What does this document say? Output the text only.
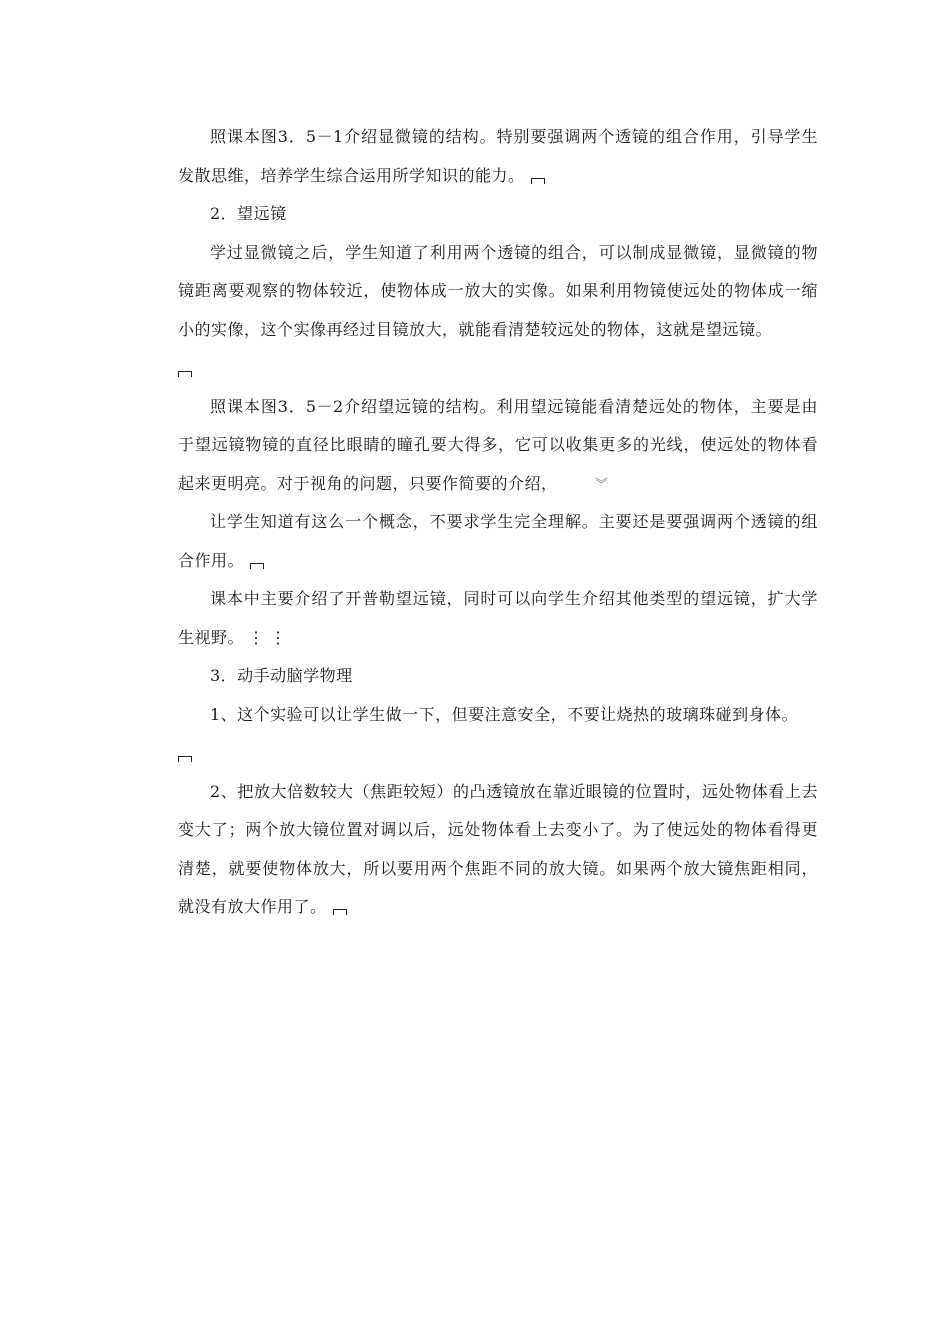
照课本图3．5－1介绍显微镜的结构。特别要强调两个透镜的组合作用，引导学生发散思维，培养学生综合运用所学知识的能力。

2．望远镜

学过显微镜之后，学生知道了利用两个透镜的组合，可以制成显微镜，显微镜的物镜距离要观察的物体较近，使物体成一放大的实像。如果利用物镜使远处的物体成一缩小的实像，这个实像再经过目镜放大，就能看清楚较远处的物体，这就是望远镜。

照课本图3．5－2介绍望远镜的结构。利用望远镜能看清楚远处的物体，主要是由于望远镜物镜的直径比眼睛的瞳孔要大得多，它可以收集更多的光线，使远处的物体看起来更明亮。对于视角的问题，只要作简要的介绍，	︾

让学生知道有这么一个概念，不要求学生完全理解。主要还是要强调两个透镜的组合作用。

课本中主要介绍了开普勒望远镜，同时可以向学生介绍其他类型的望远镜，扩大学生视野。 ⋮⋮

3．动手动脑学物理

1、这个实验可以让学生做一下，但要注意安全，不要让烧热的玻璃珠碰到身体。

2、把放大倍数较大（焦距较短）的凸透镜放在靠近眼镜的位置时，远处物体看上去变大了；两个放大镜位置对调以后，远处物体看上去变小了。为了使远处的物体看得更清楚，就要使物体放大，所以要用两个焦距不同的放大镜。如果两个放大镜焦距相同，就没有放大作用了。
